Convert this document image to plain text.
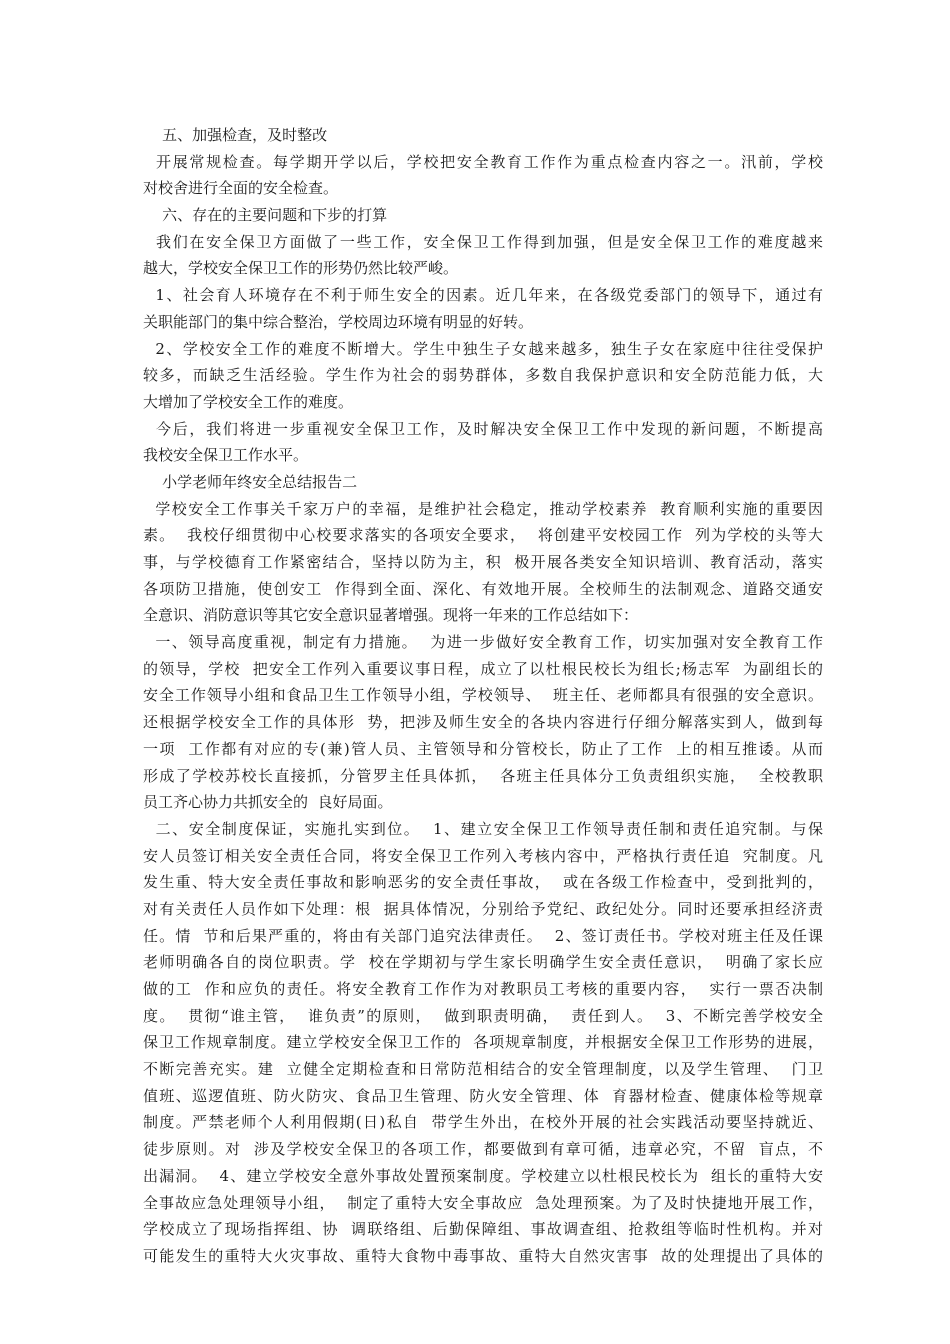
五、加强检查，及时整改
开展常规检查。每学期开学以后，学校把安全教育工作作为重点检查内容之一。汛前，学校
对校舍进行全面的安全检查。
六、存在的主要问题和下步的打算
我们在安全保卫方面做了一些工作，安全保卫工作得到加强，但是安全保卫工作的难度越来
越大，学校安全保卫工作的形势仍然比较严峻。
1、社会育人环境存在不利于师生安全的因素。近几年来，在各级党委部门的领导下，通过有
关职能部门的集中综合整治，学校周边环境有明显的好转。
2、学校安全工作的难度不断增大。学生中独生子女越来越多，独生子女在家庭中往往受保护
较多，而缺乏生活经验。学生作为社会的弱势群体，多数自我保护意识和安全防范能力低，大
大增加了学校安全工作的难度。
今后，我们将进一步重视安全保卫工作，及时解决安全保卫工作中发现的新问题，不断提高
我校安全保卫工作水平。
小学老师年终安全总结报告二
学校安全工作事关千家万户的幸福，是维护社会稳定，推动学校素养  教育顺利实施的重要因
素。  我校仔细贯彻中心校要求落实的各项安全要求，  将创建平安校园工作  列为学校的头等大
事，与学校德育工作紧密结合，坚持以防为主，积  极开展各类安全知识培训、教育活动，落实
各项防卫措施，使创安工  作得到全面、深化、有效地开展。全校师生的法制观念、道路交通安
全意识、消防意识等其它安全意识显著增强。现将一年来的工作总结如下：
一、领导高度重视，制定有力措施。  为进一步做好安全教育工作，切实加强对安全教育工作
的领导，学校  把安全工作列入重要议事日程，成立了以杜根民校长为组长;杨志军  为副组长的
安全工作领导小组和食品卫生工作领导小组，学校领导、  班主任、老师都具有很强的安全意识。
还根据学校安全工作的具体形  势，把涉及师生安全的各块内容进行仔细分解落实到人，做到每
一项  工作都有对应的专(兼)管人员、主管领导和分管校长，防止了工作  上的相互推诿。从而
形成了学校苏校长直接抓，分管罗主任具体抓，  各班主任具体分工负责组织实施，  全校教职
员工齐心协力共抓安全的  良好局面。
二、安全制度保证，实施扎实到位。  1、建立安全保卫工作领导责任制和责任追究制。与保
安人员签订相关安全责任合同，将安全保卫工作列入考核内容中，严格执行责任追  究制度。凡
发生重、特大安全责任事故和影响恶劣的安全责任事故，  或在各级工作检查中，受到批判的，
对有关责任人员作如下处理：根  据具体情况，分别给予党纪、政纪处分。同时还要承担经济责
任。情  节和后果严重的，将由有关部门追究法律责任。  2、签订责任书。学校对班主任及任课
老师明确各自的岗位职责。学  校在学期初与学生家长明确学生安全责任意识，  明确了家长应
做的工  作和应负的责任。将安全教育工作作为对教职员工考核的重要内容，  实行一票否决制
度。  贯彻“谁主管，  谁负责”的原则，  做到职责明确，  责任到人。  3、不断完善学校安全
保卫工作规章制度。建立学校安全保卫工作的  各项规章制度，并根据安全保卫工作形势的进展，
不断完善充实。建  立健全定期检查和日常防范相结合的安全管理制度，以及学生管理、  门卫
值班、巡逻值班、防火防灾、食品卫生管理、防火安全管理、体  育器材检查、健康体检等规章
制度。严禁老师个人利用假期(日)私自  带学生外出，在校外开展的社会实践活动要坚持就近、
徒步原则。对  涉及学校安全保卫的各项工作，都要做到有章可循，违章必究，不留  盲点，不
出漏洞。  4、建立学校安全意外事故处置预案制度。学校建立以杜根民校长为  组长的重特大安
全事故应急处理领导小组，  制定了重特大安全事故应  急处理预案。为了及时快捷地开展工作，
学校成立了现场指挥组、协  调联络组、后勤保障组、事故调查组、抢救组等临时性机构。并对
可能发生的重特大火灾事故、重特大食物中毒事故、重特大自然灾害事  故的处理提出了具体的
